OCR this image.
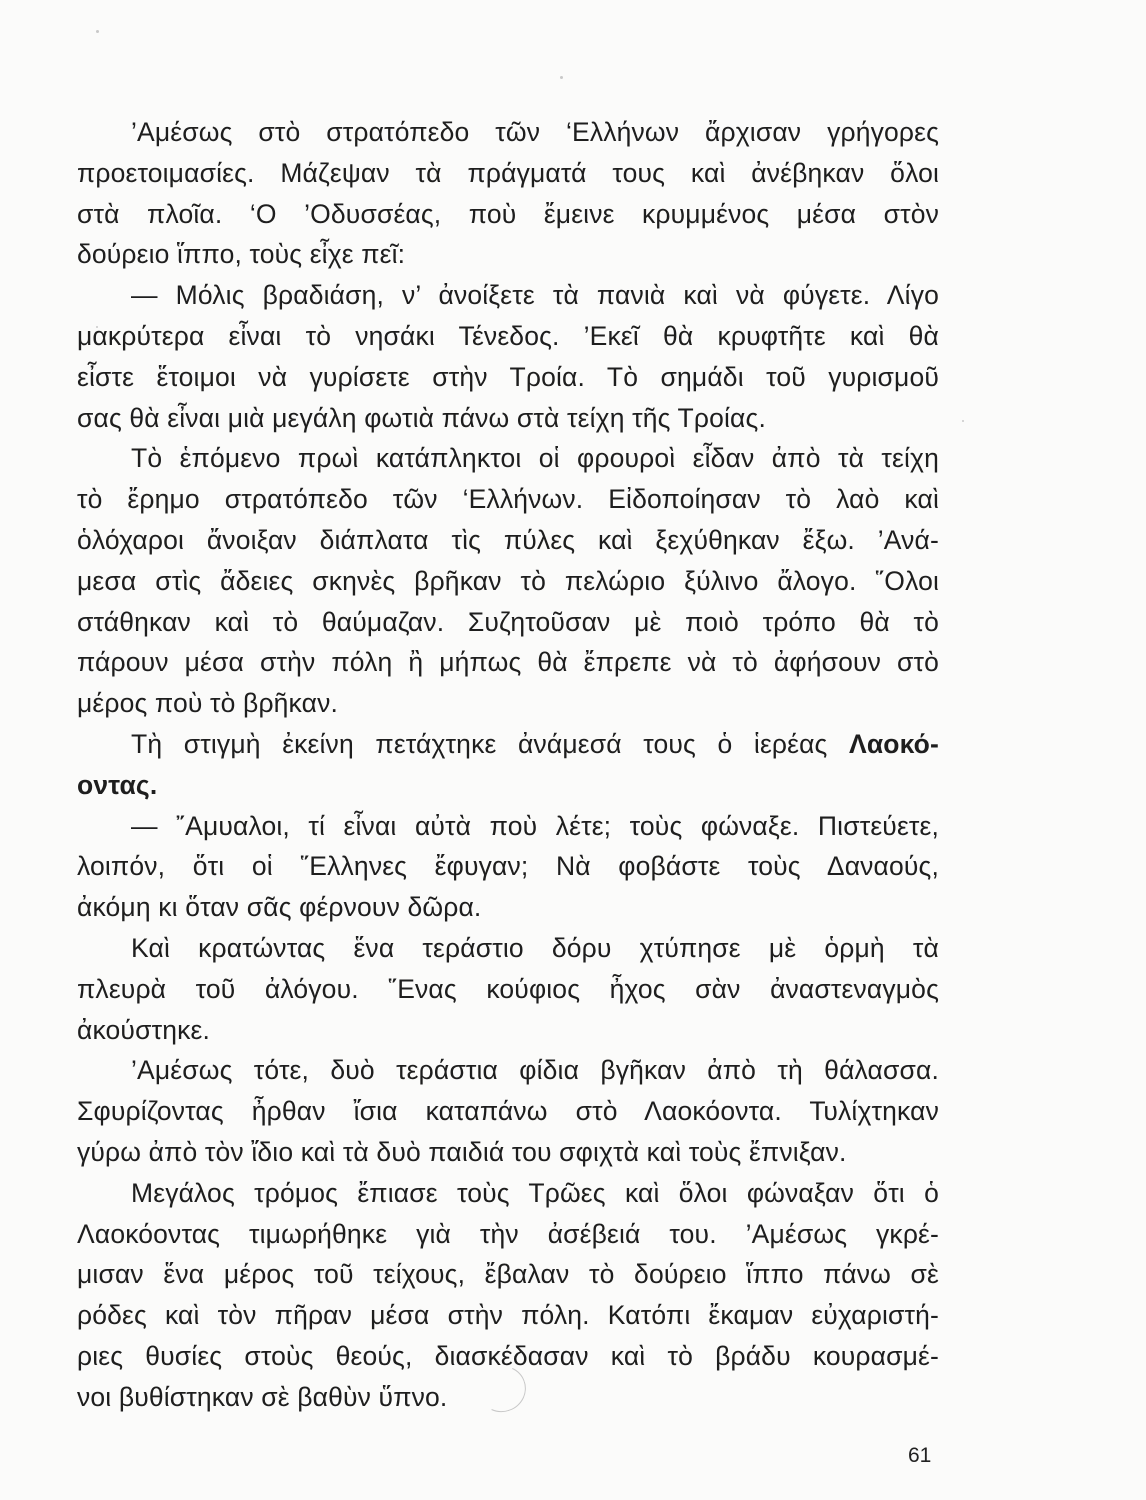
’Αμέσως στὸ στρατόπεδο τῶν ‘Ελλήνων ἄρχισαν γρήγορες
προετοιμασίες. Μάζεψαν τὰ πράγματά τους καὶ ἀνέβηκαν ὅλοι
στὰ πλοῖα. ‘Ο ’Οδυσσέας, ποὺ ἔμεινε κρυμμένος μέσα στὸν
δούρειο ἵππο, τοὺς εἶχε πεῖ:
— Μόλις βραδιάση, ν’ ἀνοίξετε τὰ πανιὰ καὶ νὰ φύγετε. Λίγο
μακρύτερα εἶναι τὸ νησάκι Τένεδος. ’Εκεῖ θὰ κρυφτῆτε καὶ θὰ
εἶστε ἕτοιμοι νὰ γυρίσετε στὴν Τροία. Τὸ σημάδι τοῦ γυρισμοῦ
σας θὰ εἶναι μιὰ μεγάλη φωτιὰ πάνω στὰ τείχη τῆς Τροίας.
Τὸ ἑπόμενο πρωὶ κατάπληκτοι οἱ φρουροὶ εἶδαν ἀπὸ τὰ τείχη
τὸ ἔρημο στρατόπεδο τῶν ‘Ελλήνων. Εἰδοποίησαν τὸ λαὸ καὶ
ὁλόχαροι ἄνοιξαν διάπλατα τὶς πύλες καὶ ξεχύθηκαν ἔξω. ’Ανά-
μεσα στὶς ἄδειες σκηνὲς βρῆκαν τὸ πελώριο ξύλινο ἄλογο. ῞Ολοι
στάθηκαν καὶ τὸ θαύμαζαν. Συζητοῦσαν μὲ ποιὸ τρόπο θὰ τὸ
πάρουν μέσα στὴν πόλη ἢ μήπως θὰ ἔπρεπε νὰ τὸ ἀφήσουν στὸ
μέρος ποὺ τὸ βρῆκαν.
Τὴ στιγμὴ ἐκείνη πετάχτηκε ἀνάμεσά τους ὁ ἱερέας Λαοκό-
οντας.
— ῎Αμυαλοι, τί εἶναι αὐτὰ ποὺ λέτε; τοὺς φώναξε. Πιστεύετε,
λοιπόν, ὅτι οἱ ῞Ελληνες ἔφυγαν; Νὰ φοβάστε τοὺς Δαναούς,
ἀκόμη κι ὅταν σᾶς φέρνουν δῶρα.
Καὶ κρατώντας ἕνα τεράστιο δόρυ χτύπησε μὲ ὁρμὴ τὰ
πλευρὰ τοῦ ἀλόγου. ῞Ενας κούφιος ἦχος σὰν ἀναστεναγμὸς
ἀκούστηκε.
’Αμέσως τότε, δυὸ τεράστια φίδια βγῆκαν ἀπὸ τὴ θάλασσα.
Σφυρίζοντας ἦρθαν ἴσια καταπάνω στὸ Λαοκόοντα. Τυλίχτηκαν
γύρω ἀπὸ τὸν ἴδιο καὶ τὰ δυὸ παιδιά του σφιχτὰ καὶ τοὺς ἔπνιξαν.
Μεγάλος τρόμος ἔπιασε τοὺς Τρῶες καὶ ὅλοι φώναξαν ὅτι ὁ
Λαοκόοντας τιμωρήθηκε γιὰ τὴν ἀσέβειά του. ’Αμέσως γκρέ-
μισαν ἕνα μέρος τοῦ τείχους, ἔβαλαν τὸ δούρειο ἵππο πάνω σὲ
ρόδες καὶ τὸν πῆραν μέσα στὴν πόλη. Κατόπι ἔκαμαν εὐχαριστή-
ριες θυσίες στοὺς θεούς, διασκέδασαν καὶ τὸ βράδυ κουρασμέ-
νοι βυθίστηκαν σὲ βαθὺν ὕπνο.
61
